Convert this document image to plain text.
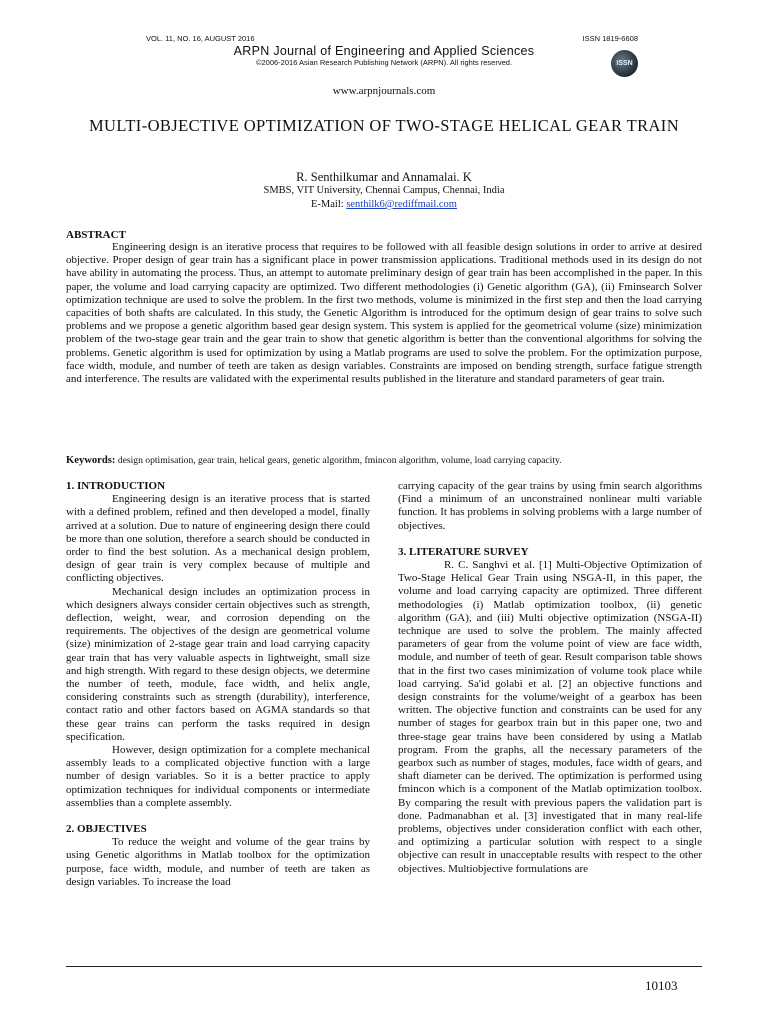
VOL. 11, NO. 16, AUGUST 2016	ISSN 1819-6608
ARPN Journal of Engineering and Applied Sciences
©2006-2016 Asian Research Publishing Network (ARPN). All rights reserved.	ISSN
www.arpnjournals.com
MULTI-OBJECTIVE OPTIMIZATION OF TWO-STAGE HELICAL GEAR TRAIN
R. Senthilkumar and Annamalai. K
SMBS, VIT University, Chennai Campus, Chennai, India
E-Mail: senthilk6@rediffmail.com
ABSTRACT

Engineering design is an iterative process that requires to be followed with all feasible design solutions in order to arrive at desired objective. Proper design of gear train has a significant place in power transmission applications. Traditional methods used in its design do not have ability in automating the process. Thus, an attempt to automate preliminary design of gear train has been accomplished in the paper. In this paper, the volume and load carrying capacity are optimized. Two different methodologies (i) Genetic algorithm (GA), (ii) Fminsearch Solver optimization technique are used to solve the problem. In the first two methods, volume is minimized in the first step and then the load carrying capacities of both shafts are calculated. In this study, the Genetic Algorithm is introduced for the optimum design of gear trains to solve such problems and we propose a genetic algorithm based gear design system. This system is applied for the geometrical volume (size) minimization problem of the two-stage gear train and the gear train to show that genetic algorithm is better than the conventional algorithms for solving the problems. Genetic algorithm is used for optimization by using a Matlab programs are used to solve the problem. For the optimization purpose, face width, module, and number of teeth are taken as design variables. Constraints are imposed on bending strength, surface fatigue strength and interference. The results are validated with the experimental results published in the literature and standard parameters of gear train.

Keywords: design optimisation, gear train, helical gears, genetic algorithm, fmincon algorithm, volume, load carrying capacity.

1. INTRODUCTION

Engineering design is an iterative process that is started with a defined problem, refined and then developed a model, finally arrived at a solution. Due to nature of engineering design there could be more than one solution, therefore a search should be conducted in order to find the best solution. As a mechanical design problem, design of gear train is very complex because of multiple and conflicting objectives.

Mechanical design includes an optimization process in which designers always consider certain objectives such as strength, deflection, weight, wear, and corrosion depending on the requirements. The objectives of the design are geometrical volume (size) minimization of 2-stage gear train and load carrying capacity gear train that has very valuable aspects in lightweight, small size and high strength. With regard to these design objects, we determine the number of teeth, module, face width, and helix angle, considering constraints such as strength (durability), interference, contact ratio and other factors based on AGMA standards so that these gear trains can perform the tasks required in design specification.

However, design optimization for a complete mechanical assembly leads to a complicated objective function with a large number of design variables. So it is a better practice to apply optimization techniques for individual components or intermediate assemblies than a complete assembly.

2. OBJECTIVES

To reduce the weight and volume of the gear trains by using Genetic algorithms in Matlab toolbox for the optimization purpose, face width, module, and number of teeth are taken as design variables. To increase the load

carrying capacity of the gear trains by using fmin search algorithms (Find a minimum of an unconstrained nonlinear multi variable function. It has problems in solving problems with a large number of objectives.

3. LITERATURE SURVEY

R. C. Sanghvi et al. [1] Multi-Objective Optimization of Two-Stage Helical Gear Train using NSGA-II, in this paper, the volume and load carrying capacity are optimized. Three different methodologies (i) Matlab optimization toolbox, (ii) genetic algorithm (GA), and (iii) Multi objective optimization (NSGA-II) technique are used to solve the problem. The mainly affected parameters of gear from the volume point of view are face width, module, and number of teeth of gear. Result comparison table shows that in the first two cases minimization of volume took place while load carrying. Sa'id golabi et al. [2] an objective functions and design constraints for the volume/weight of a gearbox has been written. The objective function and constraints can be used for any number of stages for gearbox train but in this paper one, two and three-stage gear trains have been considered by using a Matlab program. From the graphs, all the necessary parameters of the gearbox such as number of stages, modules, face width of gears, and shaft diameter can be derived. The optimization is performed using fmincon which is a component of the Matlab optimization toolbox. By comparing the result with previous papers the validation part is done. Padmanabhan et al. [3] investigated that in many real-life problems, objectives under consideration conflict with each other, and optimizing a particular solution with respect to a single objective can result in unacceptable results with respect to the other objectives. Multiobjective formulations are

10103
